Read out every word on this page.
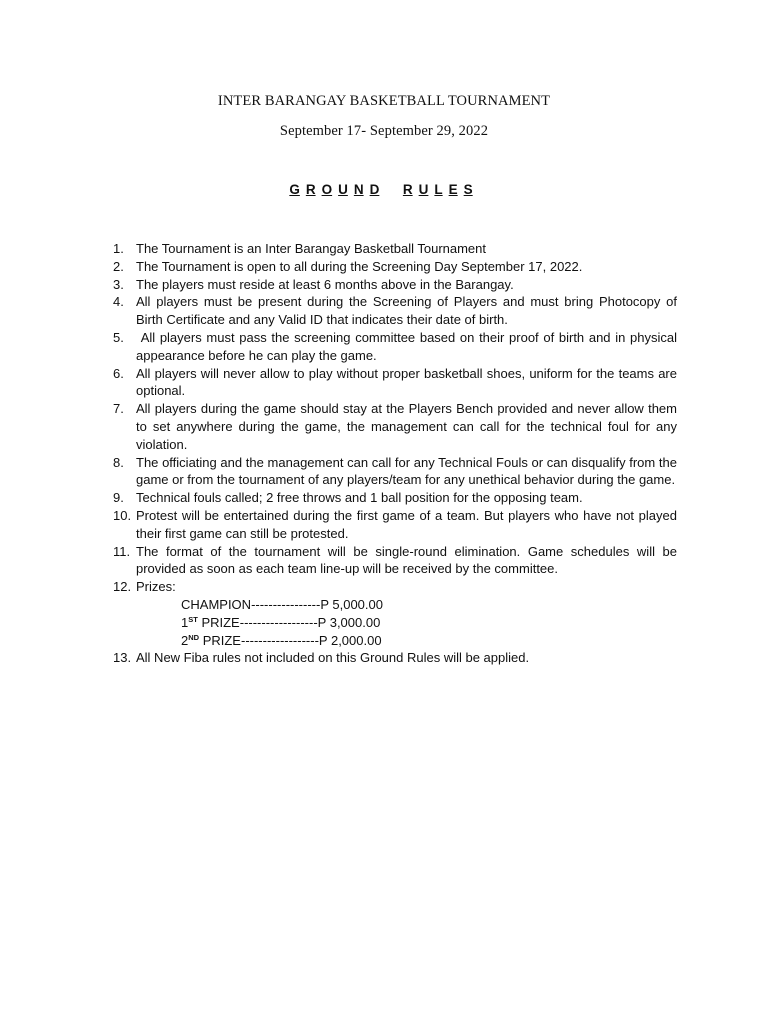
INTER BARANGAY BASKETBALL TOURNAMENT
September 17- September 29, 2022
G R O U N D R U L E S
1. The Tournament is an Inter Barangay Basketball Tournament
2. The Tournament is open to all during the Screening Day September 17, 2022.
3. The players must reside at least 6 months above in the Barangay.
4. All players must be present during the Screening of Players and must bring Photocopy of Birth Certificate and any Valid ID that indicates their date of birth.
5. All players must pass the screening committee based on their proof of birth and in physical appearance before he can play the game.
6. All players will never allow to play without proper basketball shoes, uniform for the teams are optional.
7. All players during the game should stay at the Players Bench provided and never allow them to set anywhere during the game, the management can call for the technical foul for any violation.
8. The officiating and the management can call for any Technical Fouls or can disqualify from the game or from the tournament of any players/team for any unethical behavior during the game.
9. Technical fouls called; 2 free throws and 1 ball position for the opposing team.
10. Protest will be entertained during the first game of a team. But players who have not played their first game can still be protested.
11. The format of the tournament will be single-round elimination. Game schedules will be provided as soon as each team line-up will be received by the committee.
12. Prizes:
CHAMPION----------------P 5,000.00
1ST PRIZE------------------P 3,000.00
2ND PRIZE------------------P 2,000.00
13. All New Fiba rules not included on this Ground Rules will be applied.
